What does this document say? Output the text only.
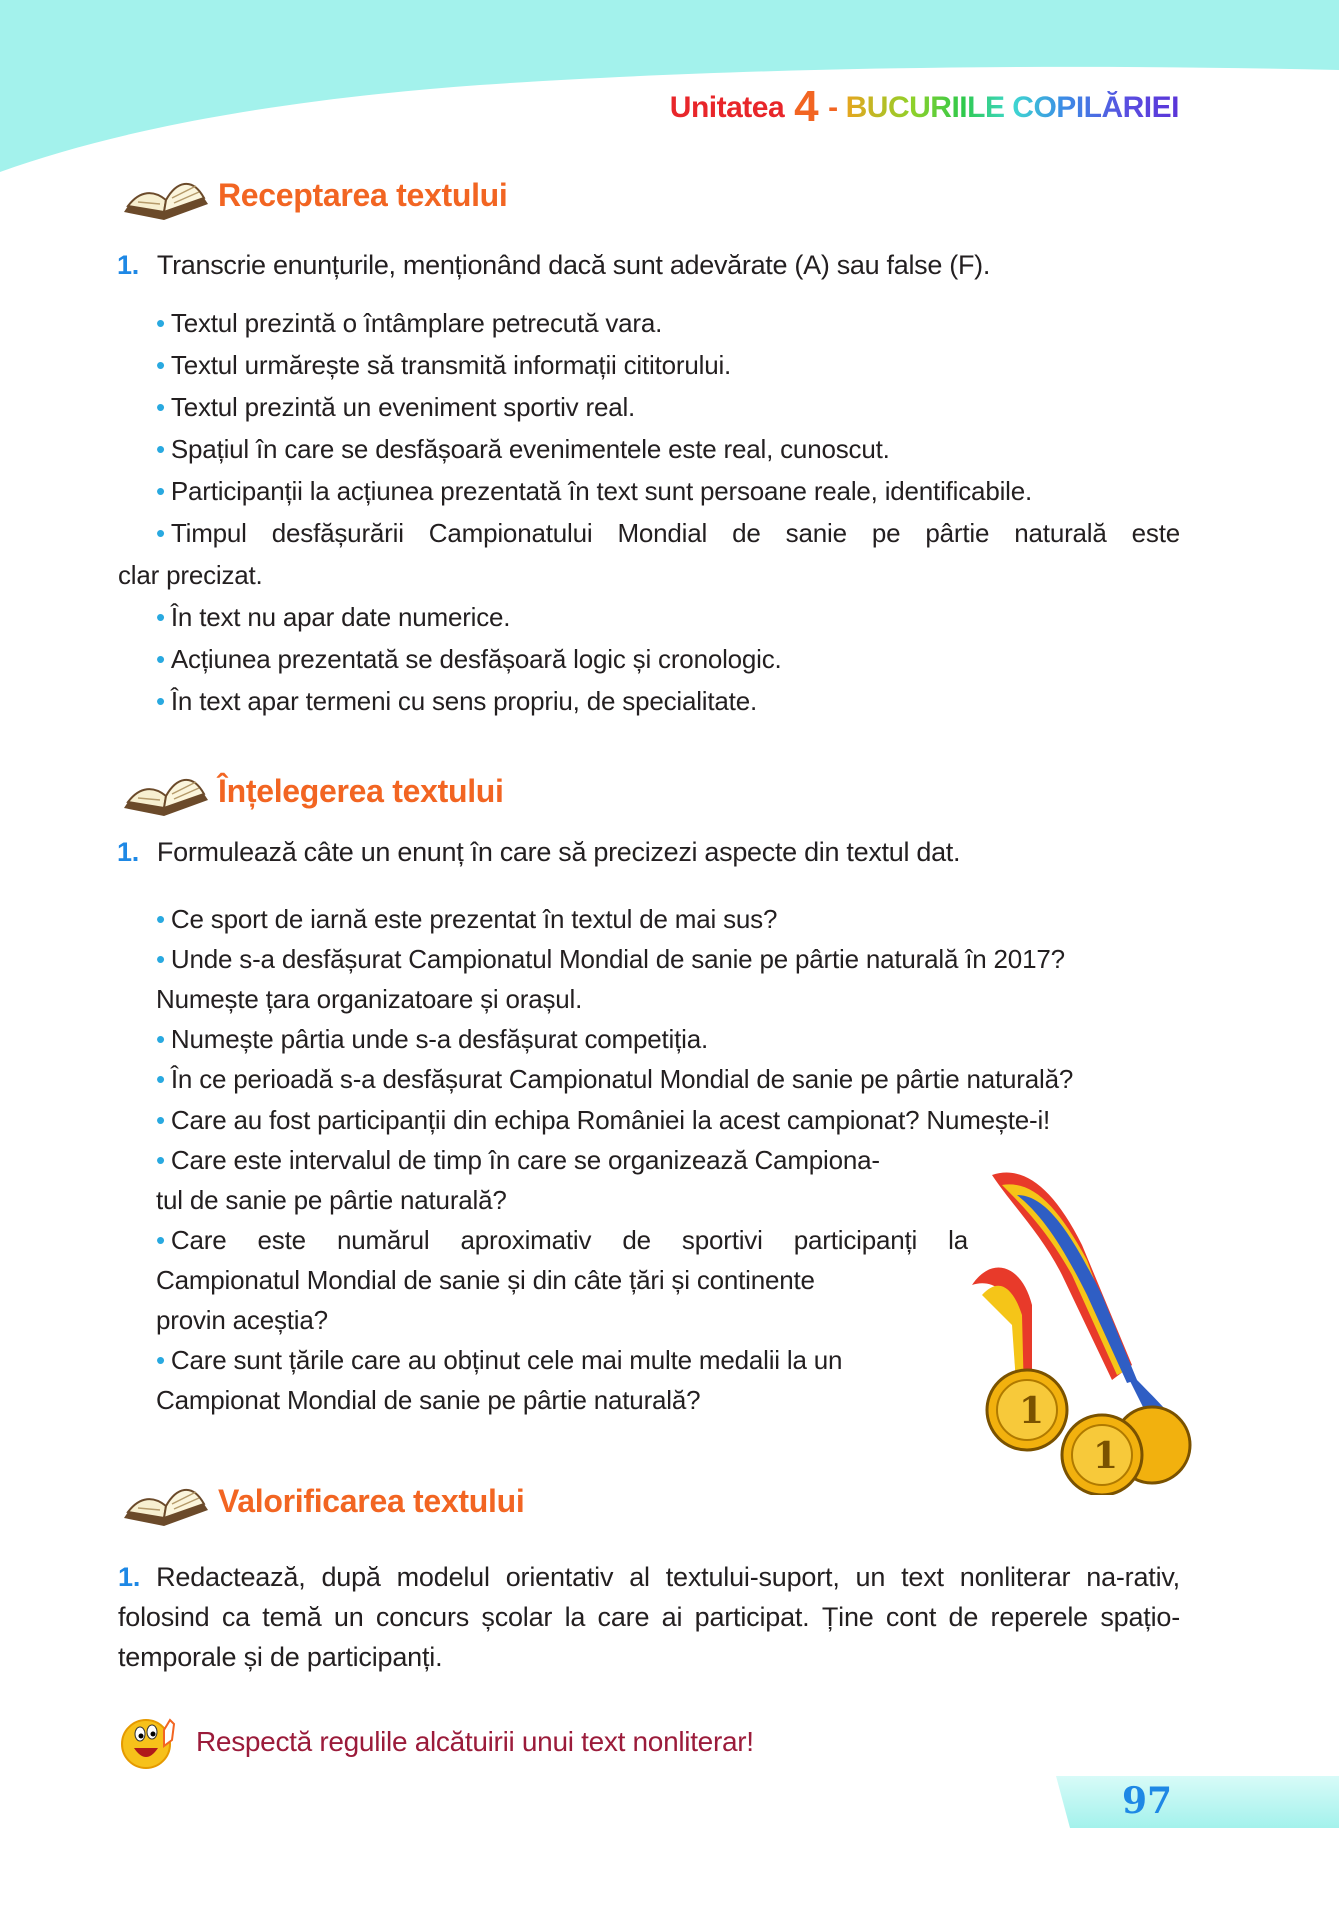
Unitatea 4 - BUCURIILE COPILĂRIEI
Receptarea textului
Înțelegerea textului
Valorificarea textului
1. Transcrie enunțurile, menționând dacă sunt adevărate (A) sau false (F).
• Textul prezintă o întâmplare petrecută vara.
• Textul urmărește să transmită informații cititorului.
• Textul prezintă un eveniment sportiv real.
• Spațiul în care se desfășoară evenimentele este real, cunoscut.
• Participanții la acțiunea prezentată în text sunt persoane reale, identificabile.
• Timpul desfășurării Campionatului Mondial de sanie pe pârtie naturală este
clar precizat.
• În text nu apar date numerice.
• Acțiunea prezentată se desfășoară logic și cronologic.
• În text apar termeni cu sens propriu, de specialitate.
1. Formulează câte un enunț în care să precizezi aspecte din textul dat.
• Ce sport de iarnă este prezentat în textul de mai sus?
• Unde s-a desfășurat Campionatul Mondial de sanie pe pârtie naturală în 2017?
Numește țara organizatoare și orașul.
• Numește pârtia unde s-a desfășurat competiția.
• În ce perioadă s-a desfășurat Campionatul Mondial de sanie pe pârtie naturală?
• Care au fost participanții din echipa României la acest campionat? Numește-i!
• Care este intervalul de timp în care se organizează Campiona-
tul de sanie pe pârtie naturală?
• Care este numărul aproximativ de sportivi participanți la
Campionatul Mondial de sanie și din câte țări și continente
provin aceștia?
• Care sunt țările care au obținut cele mai multe medalii la un
Campionat Mondial de sanie pe pârtie naturală?	1
1
1. Redactează, după modelul orientativ al textului-suport, un text nonliterar na-rativ, folosind ca temă un concurs școlar la care ai participat. Ține cont de reperele spațio-temporale și de participanți.
Respectă regulile alcătuirii unui text nonliterar!
97
